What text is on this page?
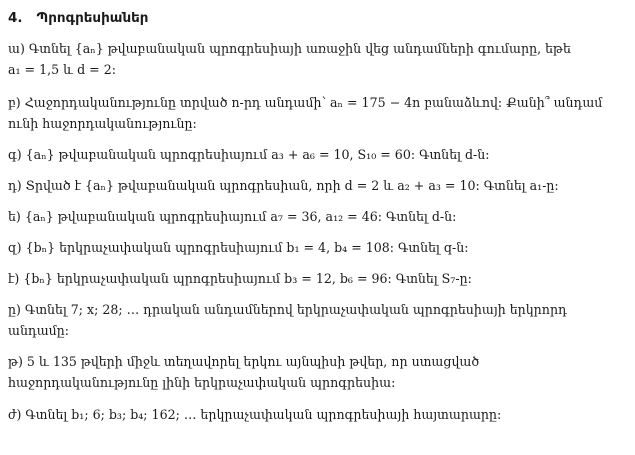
4. Պրոգրեսիաներ
ա) Գտնել {aₙ} թվաբանական պրոգրեսիայի առաջին վեց անդամների գումարը, եթե
a₁ = 1,5 և d = 2:
բ) Հաջորդականությունը տրված n-րդ անդամի՝ aₙ = 175 − 4n բանաձևով: Քանի՞ անդամ
ունի հաջորդականությունը:
գ) {aₙ} թվաբանական պրոգրեսիայում a₃ + a₆ = 10, S₁₀ = 60: Գտնել d-ն:
դ) Տրված է {aₙ} թվաբանական պրոգրեսիան, որի d = 2 և a₂ + a₃ = 10: Գտնել a₁-ը:
ե) {aₙ} թվաբանական պրոգրեսիայում a₇ = 36, a₁₂ = 46: Գտնել d-ն:
զ) {bₙ} երկրաչափական պրոգրեսիայում b₁ = 4, b₄ = 108: Գտնել q-ն:
է) {bₙ} երկրաչափական պրոգրեսիայում b₃ = 12, b₆ = 96: Գտնել S₇-ը:
ը) Գտնել 7; x; 28; … դրական անդամներով երկրաչափական պրոգրեսիայի երկրորդ
անդամը:
թ) 5 և 135 թվերի միջև տեղավորել երկու այնպիսի թվեր, որ ստացված
հաջորդականությունը լինի երկրաչափական պրոգրեսիա:
ժ) Գտնել b₁; 6; b₃; b₄; 162; … երկրաչափական պրոգրեսիայի հայտարարը:
